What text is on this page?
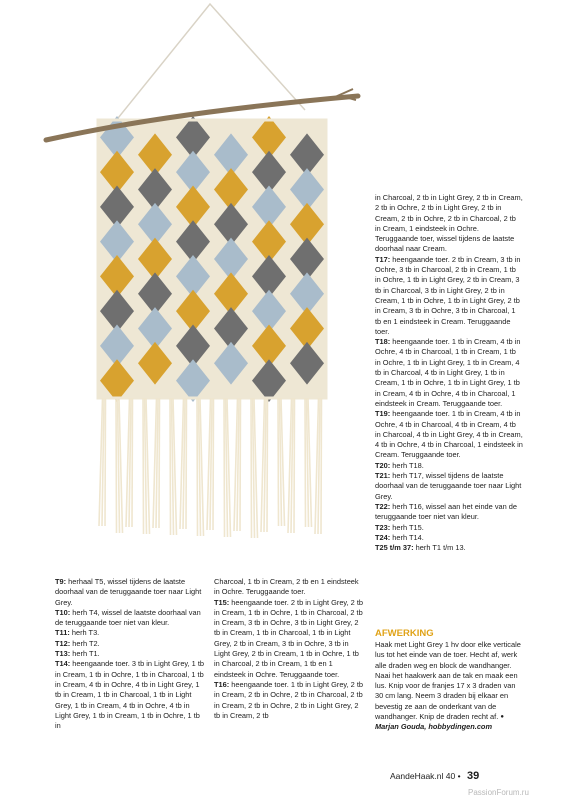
T9: herhaal T5, wissel tijdens de laatste doorhaal van de teruggaande toer naar Light Grey.

T10: herh T4, wissel de laatste doorhaal van de teruggaande toer niet van kleur.

T11: herh T3.

T12: herh T2.

T13: herh T1.

T14: heengaande toer. 3 tb in Light Grey, 1 tb in Cream, 1 tb in Ochre, 1 tb in Charcoal, 1 tb in Cream, 4 tb in Ochre, 4 tb in Light Grey, 1 tb in Cream, 1 tb in Charcoal, 1 tb in Light Grey, 1 tb in Cream, 4 tb in Ochre, 4 tb in Light Grey, 1 tb in Cream, 1 tb in Ochre, 1 tb in

Charcoal, 1 tb in Cream, 2 tb en 1 eindsteek in Ochre. Teruggaande toer.

T15: heengaande toer. 2 tb in Light Grey, 2 tb in Cream, 1 tb in Ochre, 1 tb in Charcoal, 2 tb in Cream, 3 tb in Ochre, 3 tb in Light Grey, 2 tb in Cream, 1 tb in Charcoal, 1 tb in Light Grey, 2 tb in Cream, 3 tb in Ochre, 3 tb in Light Grey, 2 tb in Cream, 1 tb in Ochre, 1 tb in Charcoal, 2 tb in Cream, 1 tb en 1 eindsteek in Ochre. Teruggaande toer.

T16: heengaande toer. 1 tb in Light Grey, 2 tb in Cream, 2 tb in Ochre, 2 tb in Charcoal, 2 tb in Cream, 2 tb in Ochre, 2 tb in Light Grey, 2 tb in Cream, 2 tb

in Charcoal, 2 tb in Light Grey, 2 tb in Cream, 2 tb in Ochre, 2 tb in Light Grey, 2 tb in Cream, 2 tb in Ochre, 2 tb in Charcoal, 2 tb in Cream, 1 eindsteek in Ochre. Teruggaande toer, wissel tijdens de laatste doorhaal naar Cream.

T17: heengaande toer. 2 tb in Cream, 3 tb in Ochre, 3 tb in Charcoal, 2 tb in Cream, 1 tb in Ochre, 1 tb in Light Grey, 2 tb in Cream, 3 tb in Charcoal, 3 tb in Light Grey, 2 tb in Cream, 1 tb in Ochre, 1 tb in Light Grey, 2 tb in Cream, 3 tb in Ochre, 3 tb in Charcoal, 1 tb en 1 eindsteek in Cream. Teruggaande toer.

T18: heengaande toer. 1 tb in Cream, 4 tb in Ochre, 4 tb in Charcoal, 1 tb in Cream, 1 tb in Ochre, 1 tb in Light Grey, 1 tb in Cream, 4 tb in Charcoal, 4 tb in Light Grey, 1 tb in Cream, 1 tb in Ochre, 1 tb in Light Grey, 1 tb in Cream, 4 tb in Ochre, 4 tb in Charcoal, 1 eindsteek in Cream. Teruggaande toer.

T19: heengaande toer. 1 tb in Cream, 4 tb in Ochre, 4 tb in Charcoal, 4 tb in Cream, 4 tb in Charcoal, 4 tb in Light Grey, 4 tb in Cream, 4 tb in Ochre, 4 tb in Charcoal, 1 eindsteek in Cream. Teruggaande toer.

T20: herh T18.

T21: herh T17, wissel tijdens de laatste doorhaal van de teruggaande toer naar Light Grey.

T22: herh T16, wissel aan het einde van de teruggaande toer niet van kleur.

T23: herh T15.

T24: herh T14.

T25 t/m 37: herh T1 t/m 13.

AFWERKING

Haak met Light Grey 1 hv door elke verticale lus tot het einde van de toer. Hecht af, werk alle draden weg en block de wandhanger. Naai het haakwerk aan de tak en maak een lus. Knip voor de franjes 17 x 3 draden van 30 cm lang. Neem 3 draden bij elkaar en bevestig ze aan de onderkant van de wandhanger. Knip de draden recht af. ●

Marjan Gouda, hobbydingen.com

AandeHaak.nl 40 • 39
PassionForum.ru
